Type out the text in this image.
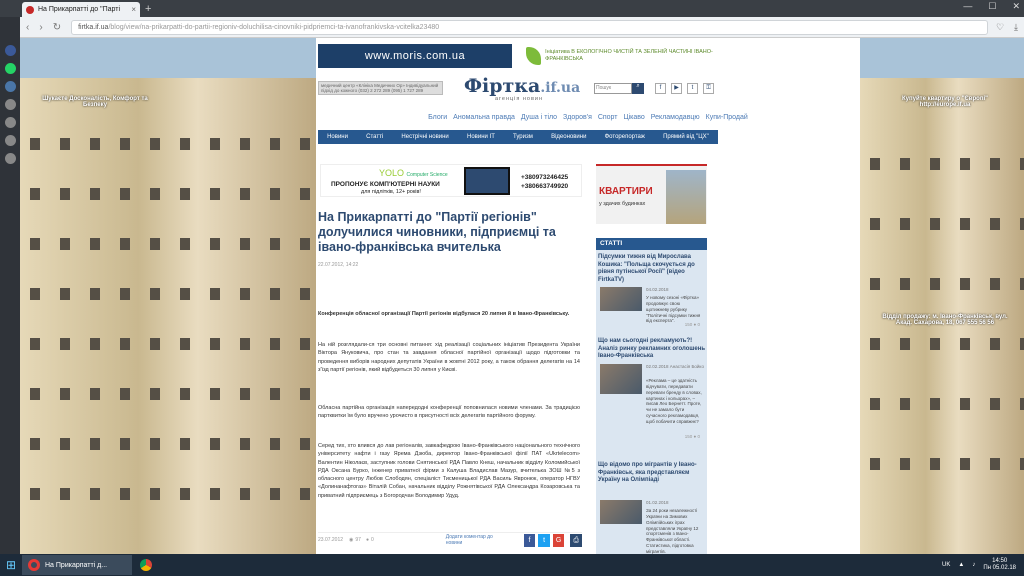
На Прикарпатті до "Парті × +	— ☐ ✕
‹ › ↻ firtka.if.ua /blog/view/na-prikarpatti-do-partii-regioniv-doluchilisa-cinovniki-pidpriemci-ta-ivanofrankivska-vcitelka23480	♡ ⤓
Шукаєте Досконалість, Комфорт та Безпеку
Купуйте квартиру о "Європі" http://europe.if.ua
Відділ продажу: м. Івано-Франківськ, вул. Акад. Сахарова, 18, 067 555 56 56
www.moris.com.ua	Ініціатива В ЕКОЛОГІЧНО ЧИСТІЙ ТА ЗЕЛЕНІЙ ЧАСТИНІ ІВАНО-ФРАНКІВСЬКА
медичний центр «Клініка Медичних Ор» Індивідуальний підхід до кожного (032) 2 272 289 (095) 1 727 289	Фіртка.if.ua
агенція новин
Пошук	⌕	f	▶	t	⚿
Блоги Аномальна правда Душа і тіло Здоров'я Спорт Цікаво Рекламодавцю Купи-Продай
Новини	Статті	Нестрічні новини	Новини IT	Туризм	Відеоновини	Фоторепортаж	Прямий від "ЦХ"
YOLO Computer Science
ПРОПОНУЄ КОМП'ЮТЕРНІ НАУКИ
для підлітків, 12+ років!
+380973246425
+380663749920
На Прикарпатті до "Партії регіонів" долучилися чиновники, підприємці та івано-франківська вчителька
22.07.2012, 14:22

Конференція обласної організації Партії регіонів відбулася 20 липня й в Івано-Франківську.

На ній розглядали-ся три основні питання: хід реалізації соціальних ініціатив Президента України Віктора Януковича, про стан та завдання обласної партійної організації щодо підготовки та проведення виборів народних депутатів України в жовтні 2012 року, а також обрання делегатів на 14 з'їзд партії регіонів, який відбудеться 30 липня у Києві.

Обласна партійна організація напередодні конференції поповнилася новими членами. За традицією партквитки їм було вручено урочисто в присутності всіх делегатів партійного форуму.

Серед тих, хто влився до лав регіоналів, завкафедрою Івано-Франківського національного технічного університету нафти і газу Ярема Дзюба, директор Івано-Франківської філії ПАТ «Ukrtelecom» Валентин Ніколаєв, заступник голови Снятинської РДА Павло Кнеш, начальник відділу Коломийської РДА Оксана Бурко, інженер приватної фірми з Калуша Владислав Мазур, вчителька ЗОШ №5 з обласного центру Любов Слободян, спеціаліст Тисменицької РДА Василь Явронюк, оператор НГВУ «Долинанафтогаз» Віталій Собан, начальник відділу Рожнятівської РДА Олександра Козаровська та приватний підприємець з Богородчан Володимир Удуд.

23.07.2012 ◉ 97 ● 0	Додати коментар до новини	f	t	G	⎙
КВАРТИРИ
у здачих будинках
СТАТТІ
Підсумки тижня від Мирослава Кошика: "Польща скочується до рівня путінської Росії" (відео FirtkaTV)
04.02.2018
У новому сезоні «Фіртка» продовжує свою щотижневу рубрику "Політичні підсумки тижня від експерта".
150 ● 0
Що нам сьогодні рекламують?! Аналіз ринку рекламних оголошень Івано-Франківська
02.02.2018 Анастасія Бойко
«Реклама – це здатність відчувати, передавати переваги бренду в словах, картинах і кольорах», – писав Лео Бернетт. Проте, чи не замало бути сучасного рекламодавця, щоб побачити справжнє?
150 ● 0
Що відомо про мігрантів у Івано-Франківськ, яка представляєм Україну на Олімпіаді
01.02.2018
За 24 роки незалежності України на Зимових Олімпійських іграх представляли Україну 12 спортсменів з Івано-Франківської області. Статистика, підготовка мігрантів.
⊞	На Прикарпатті д...	UK ▲ ♪
14:50
Пн 05.02.18
